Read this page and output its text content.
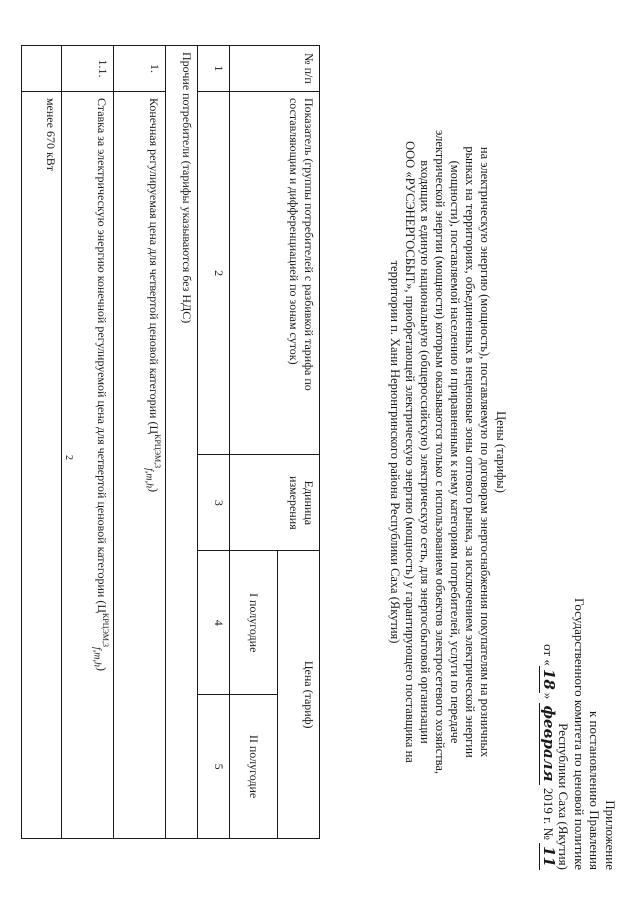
2
Приложение
к постановлению Правления
Государственного комитета по ценовой политике
Республики Саха (Якутия)
от «18» февраля 2019 г. № 11
Цены (тарифы)
на электрическую энергию (мощность), поставляемую по договорам энергоснабжения покупателям на розничных
рынках на территориях, объединенных в неценовые зоны оптового рынка, за исключением электрической энергии
(мощности), поставляемой населению и приравненным к нему категориям потребителей, услуги по передаче
электрической энергии (мощности) которым оказываются только с использованием объектов электросетевого хозяйства,
входящих в единую национальную (общероссийскую) электрическую сеть, для энергосбытовой организации
ООО «РУСЭНЕРГОСБЫТ», приобретающей электрическую энергию (мощность) у гарантирующего поставщика на
территории п. Хани Нерюнгринского района Республики Саха (Якутия)
№ п/п	Показатель (группы потребителей с разбивкой тарифа по составляющим и дифференциацией по зонам суток)	Единица измерения	Цена (тариф)	
			I полугодие	II полугодие
1	2	3	4	5
Прочие потребители (тарифы указываются без НДС)				
1.	Конечная регулируемая цена для четвертой ценовой категории $(Ц^{КРЦЭМ,З}_{f,m,h})$			
1.1.	Ставка за электрическую энергию конечной регулируемой цена для четвертой ценовой категории $(Ц^{КРЦЭМ,З}_{f,m,h})$			
	менее 670 кВт			
